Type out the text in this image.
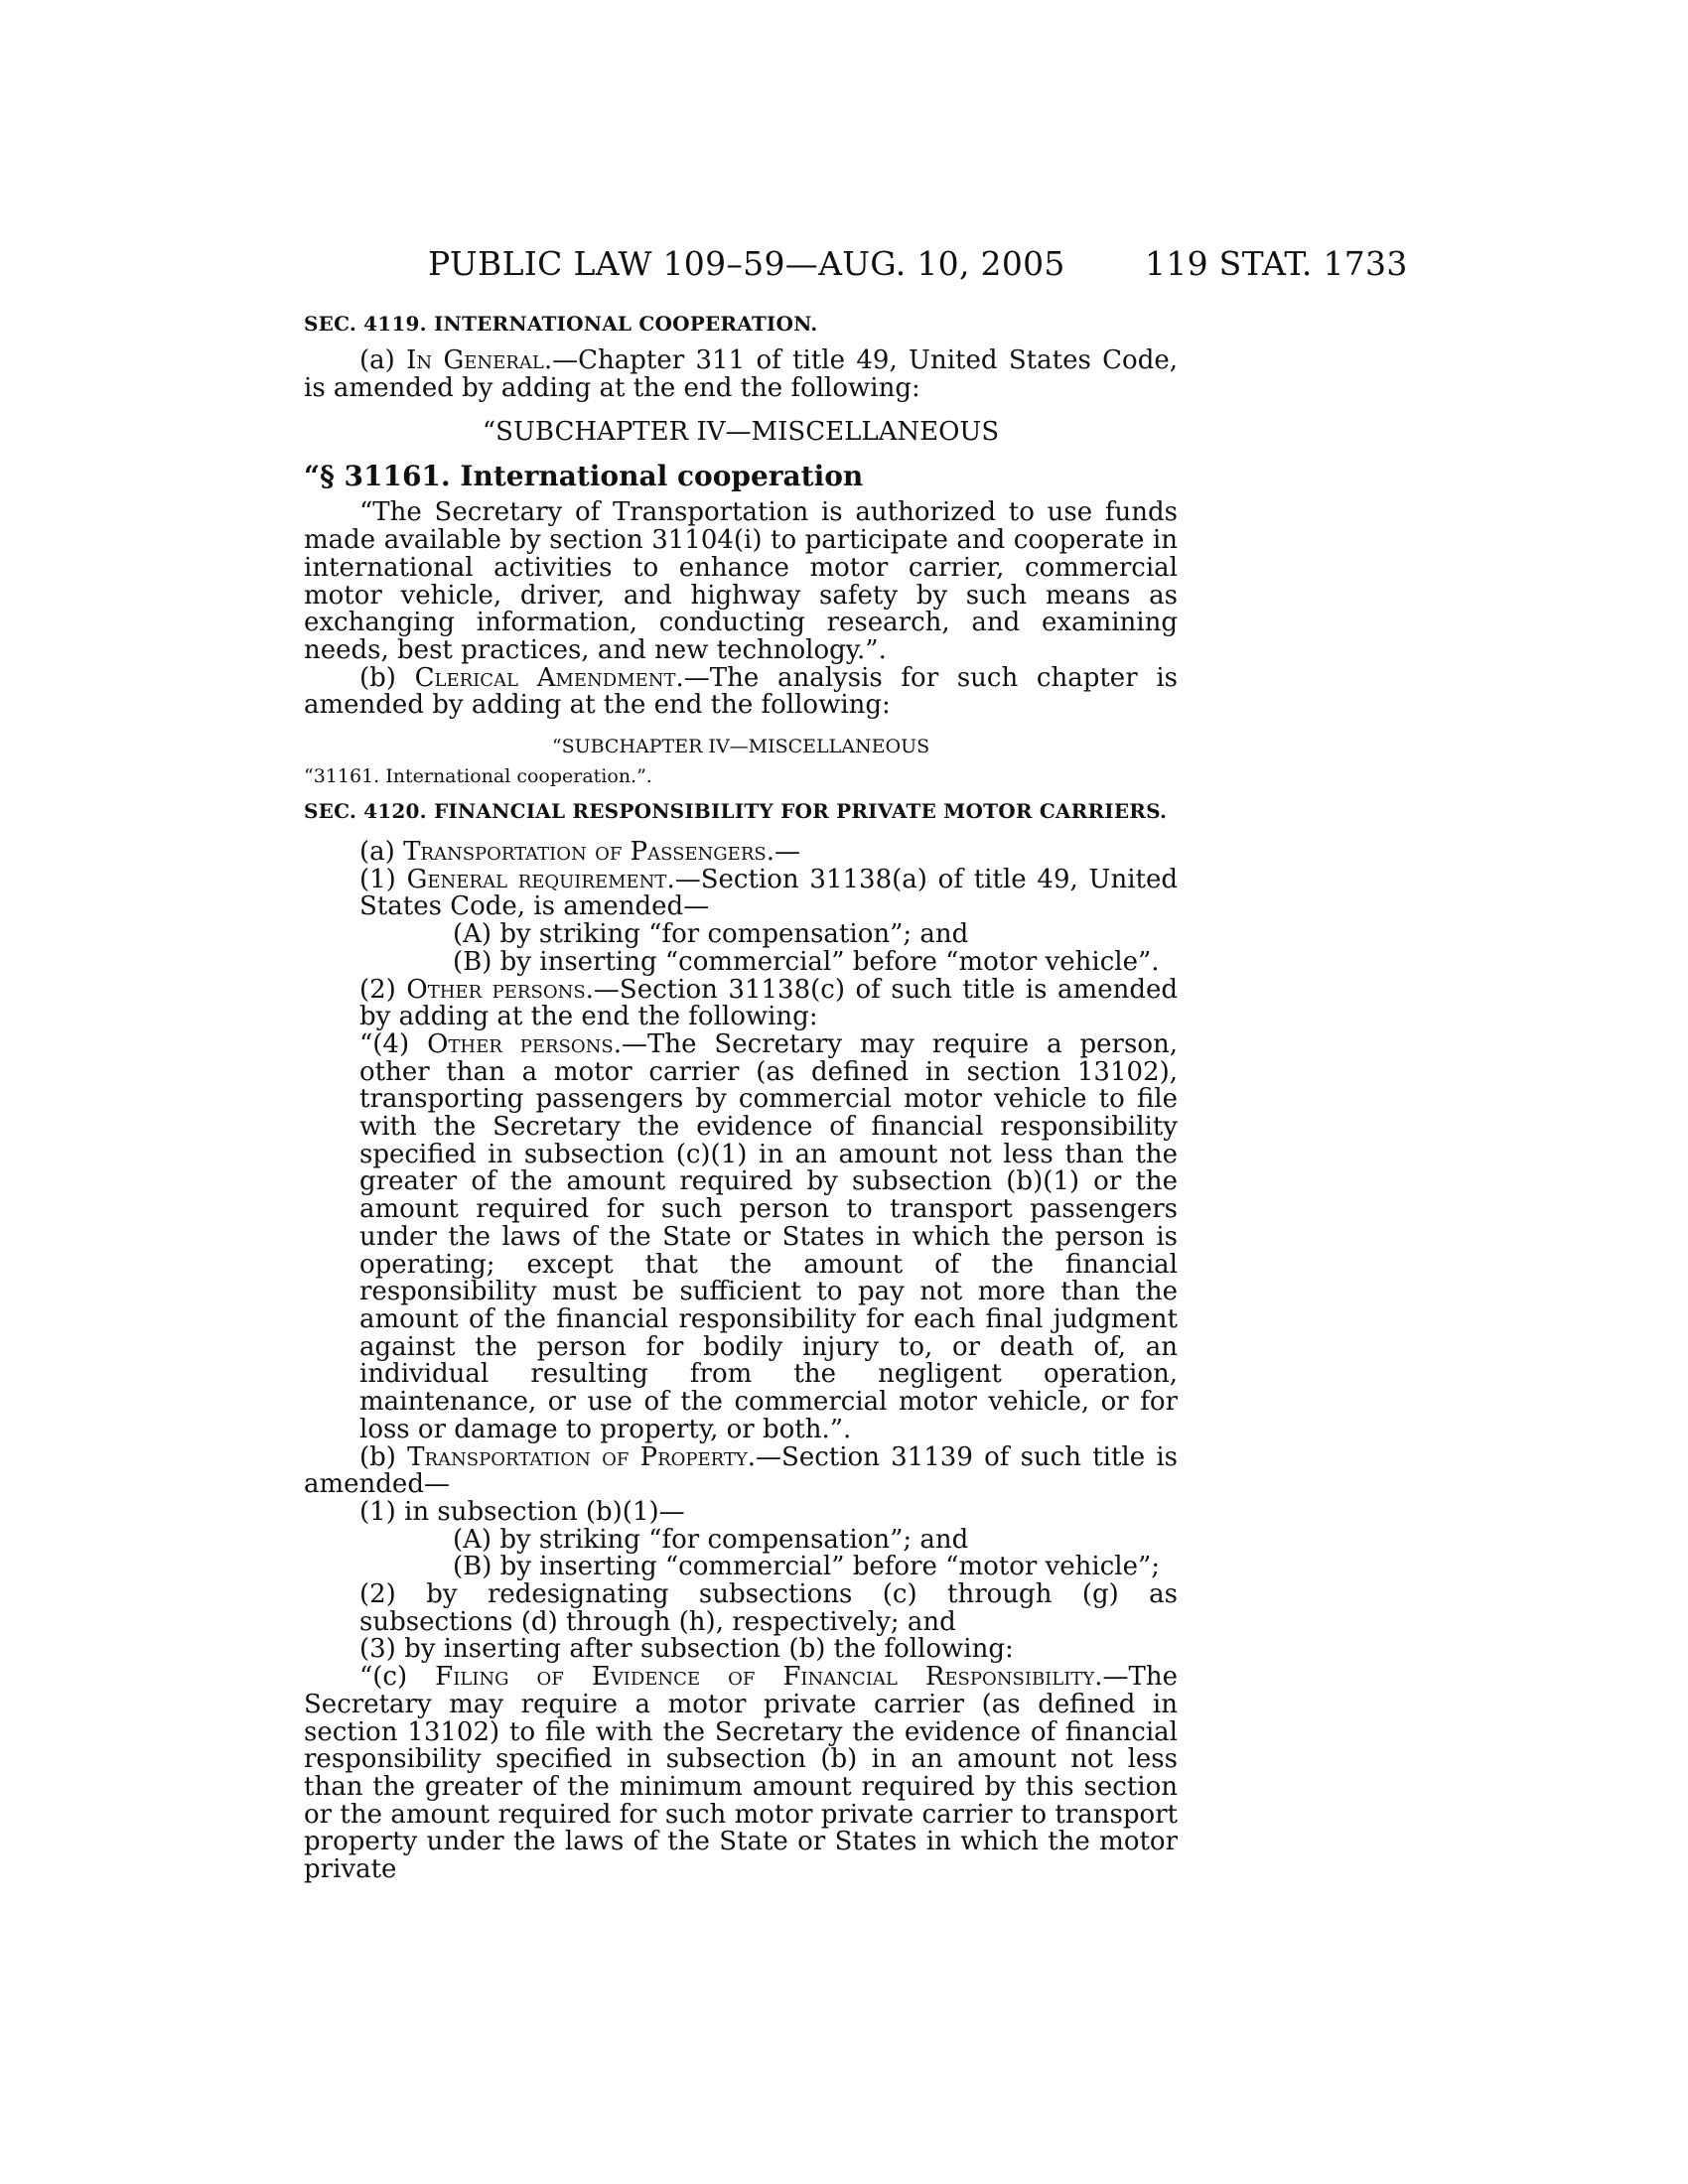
PUBLIC LAW 109–59—AUG. 10, 2005 119 STAT. 1733

SEC. 4119. INTERNATIONAL COOPERATION.

(a) In General.—Chapter 311 of title 49, United States Code, is amended by adding at the end the following:

“SUBCHAPTER IV—MISCELLANEOUS

“§ 31161. International cooperation

“The Secretary of Transportation is authorized to use funds made available by section 31104(i) to participate and cooperate in international activities to enhance motor carrier, commercial motor vehicle, driver, and highway safety by such means as exchanging information, conducting research, and examining needs, best practices, and new technology.”.

(b) Clerical Amendment.—The analysis for such chapter is amended by adding at the end the following:

“SUBCHAPTER IV—MISCELLANEOUS

“31161. International cooperation.”.

SEC. 4120. FINANCIAL RESPONSIBILITY FOR PRIVATE MOTOR CARRIERS.

(a) Transportation of Passengers.—

(1) General requirement.—Section 31138(a) of title 49, United States Code, is amended—

(A) by striking “for compensation”; and

(B) by inserting “commercial” before “motor vehicle”.

(2) Other persons.—Section 31138(c) of such title is amended by adding at the end the following:

“(4) Other persons.—The Secretary may require a person, other than a motor carrier (as defined in section 13102), transporting passengers by commercial motor vehicle to file with the Secretary the evidence of financial responsibility specified in subsection (c)(1) in an amount not less than the greater of the amount required by subsection (b)(1) or the amount required for such person to transport passengers under the laws of the State or States in which the person is operating; except that the amount of the financial responsibility must be sufficient to pay not more than the amount of the financial responsibility for each final judgment against the person for bodily injury to, or death of, an individual resulting from the negligent operation, maintenance, or use of the commercial motor vehicle, or for loss or damage to property, or both.”.

(b) Transportation of Property.—Section 31139 of such title is amended—

(1) in subsection (b)(1)—

(A) by striking “for compensation”; and

(B) by inserting “commercial” before “motor vehicle”;

(2) by redesignating subsections (c) through (g) as subsections (d) through (h), respectively; and

(3) by inserting after subsection (b) the following:

“(c) Filing of Evidence of Financial Responsibility.—The Secretary may require a motor private carrier (as defined in section 13102) to file with the Secretary the evidence of financial responsibility specified in subsection (b) in an amount not less than the greater of the minimum amount required by this section or the amount required for such motor private carrier to transport property under the laws of the State or States in which the motor private
